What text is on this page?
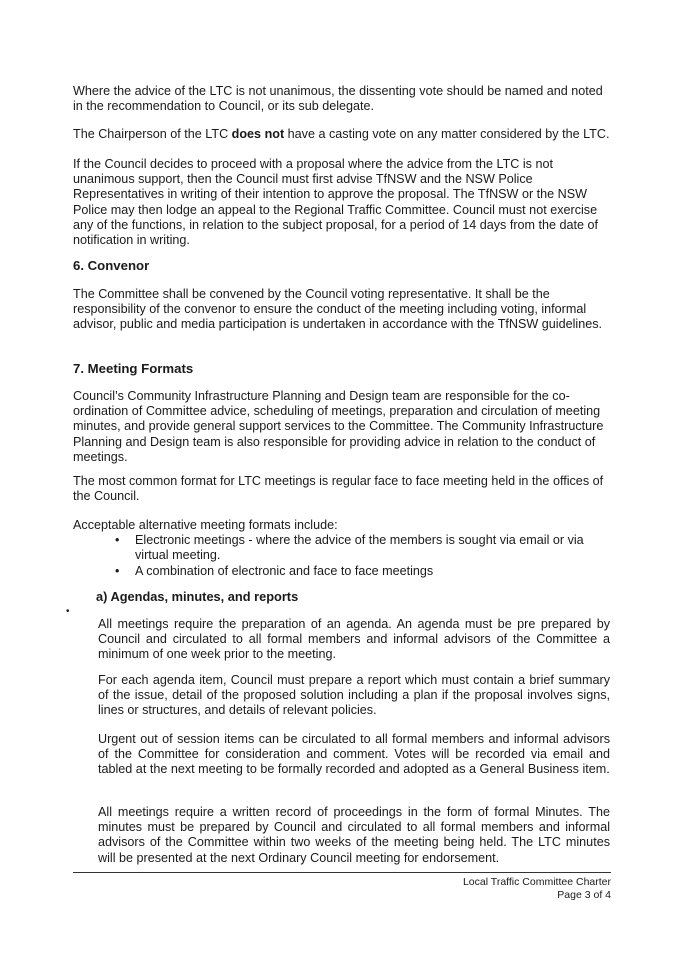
Where the advice of the LTC is not unanimous, the dissenting vote should be named and noted in the recommendation to Council, or its sub delegate.

The Chairperson of the LTC does not have a casting vote on any matter considered by the LTC.

If the Council decides to proceed with a proposal where the advice from the LTC is not unanimous support, then the Council must first advise TfNSW and the NSW Police Representatives in writing of their intention to approve the proposal. The TfNSW or the NSW Police may then lodge an appeal to the Regional Traffic Committee. Council must not exercise any of the functions, in relation to the subject proposal, for a period of 14 days from the date of notification in writing.

6. Convenor

The Committee shall be convened by the Council voting representative. It shall be the responsibility of the convenor to ensure the conduct of the meeting including voting, informal advisor, public and media participation is undertaken in accordance with the TfNSW guidelines.

7. Meeting Formats

Council’s Community Infrastructure Planning and Design team are responsible for the co-ordination of Committee advice, scheduling of meetings, preparation and circulation of meeting minutes, and provide general support services to the Committee. The Community Infrastructure Planning and Design team is also responsible for providing advice in relation to the conduct of meetings.

The most common format for LTC meetings is regular face to face meeting held in the offices of the Council.

Acceptable alternative meeting formats include:

• Electronic meetings - where the advice of the members is sought via email or via virtual meeting.
• A combination of electronic and face to face meetings
a) Agendas, minutes, and reports
•

All meetings require the preparation of an agenda. An agenda must be pre prepared by Council and circulated to all formal members and informal advisors of the Committee a minimum of one week prior to the meeting.

For each agenda item, Council must prepare a report which must contain a brief summary of the issue, detail of the proposed solution including a plan if the proposal involves signs, lines or structures, and details of relevant policies.

Urgent out of session items can be circulated to all formal members and informal advisors of the Committee for consideration and comment. Votes will be recorded via email and tabled at the next meeting to be formally recorded and adopted as a General Business item.

All meetings require a written record of proceedings in the form of formal Minutes. The minutes must be prepared by Council and circulated to all formal members and informal advisors of the Committee within two weeks of the meeting being held. The LTC minutes will be presented at the next Ordinary Council meeting for endorsement.

Local Traffic Committee Charter
Page 3 of 4
